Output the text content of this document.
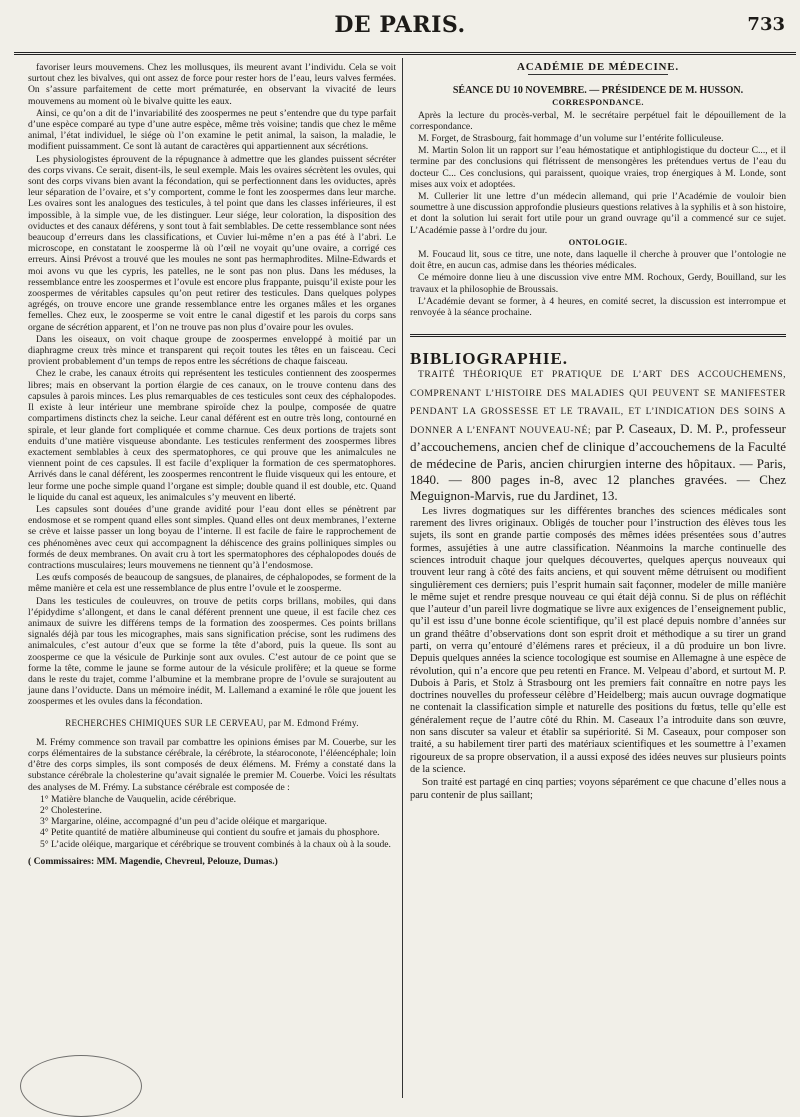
DE PARIS.	733

favoriser leurs mouvemens. Chez les mollusques, ils meurent avant l’individu. Cela se voit surtout chez les bivalves, qui ont assez de force pour rester hors de l’eau, leurs valves fermées. On s’assure parfaitement de cette mort prématurée, en observant la vivacité de leurs mouvemens au moment où le bivalve quitte les eaux.

Ainsi, ce qu’on a dit de l’invariabilité des zoospermes ne peut s’entendre que du type parfait d’une espèce comparé au type d’une autre espèce, même très voisine; tandis que chez le même animal, l’état individuel, le siége où l’on examine le petit animal, la saison, la maladie, le modifient puissamment. Ce sont là autant de caractères qui appartiennent aux sécrétions.

Les physiologistes éprouvent de la répugnance à admettre que les glandes puissent sécréter des corps vivans. Ce serait, disent-ils, le seul exemple. Mais les ovaires sécrètent les ovules, qui sont des corps vivans bien avant la fécondation, qui se perfectionnent dans les oviductes, après leur séparation de l’ovaire, et s’y comportent, comme le font les zoospermes dans leur marche. Les ovaires sont les analogues des testicules, à tel point que dans les classes inférieures, il est impossible, à la simple vue, de les distinguer. Leur siége, leur coloration, la disposition des oviductes et des canaux déférens, y sont tout à fait semblables. De cette ressemblance sont nées beaucoup d’erreurs dans les classifications, et Cuvier lui-même n’en a pas été à l’abri. Le microscope, en constatant le zoosperme là où l’œil ne voyait qu’une ovaire, a corrigé ces erreurs. Ainsi Prévost a trouvé que les moules ne sont pas hermaphrodites. Milne-Edwards et moi avons vu que les cypris, les patelles, ne le sont pas non plus. Dans les méduses, la ressemblance entre les zoospermes et l’ovule est encore plus frappante, puisqu’il existe pour les zoospermes de véritables capsules qu’on peut retirer des testicules. Dans quelques polypes agrégés, on trouve encore une grande ressemblance entre les organes mâles et les organes femelles. Chez eux, le zoosperme se voit entre le canal digestif et les parois du corps sans organe de sécrétion apparent, et l’on ne trouve pas non plus d’ovaire pour les ovules.

Dans les oiseaux, on voit chaque groupe de zoospermes enveloppé à moitié par un diaphragme creux très mince et transparent qui reçoit toutes les têtes en un faisceau. Ceci provient probablement d’un temps de repos entre les sécrétions de chaque faisceau.

Chez le crabe, les canaux étroits qui représentent les testicules contiennent des zoospermes libres; mais en observant la portion élargie de ces canaux, on le trouve contenu dans des capsules à parois minces. Les plus remarquables de ces testicules sont ceux des céphalopodes. Il existe à leur intérieur une membrane spiroïde chez la poulpe, composée de quatre compartimens distincts chez la seiche. Leur canal déférent est en outre très long, contourné en spirale, et leur glande fort compliquée et comme charnue. Ces deux portions de trajets sont enduits d’une matière visqueuse abondante. Les testicules renferment des zoospermes libres exactement semblables à ceux des spermatophores, ce qui prouve que les animalcules ne viennent point de ces capsules. Il est facile d’expliquer la formation de ces spermatophores. Arrivés dans le canal déférent, les zoospermes rencontrent le fluide visqueux qui les entoure, et leur forme une poche simple quand l’organe est simple; double quand il est double, etc. Quand le liquide du canal est aqueux, les animalcules s’y meuvent en liberté.

Les capsules sont douées d’une grande avidité pour l’eau dont elles se pénètrent par endosmose et se rompent quand elles sont simples. Quand elles ont deux membranes, l’externe se crève et laisse passer un long boyau de l’interne. Il est facile de faire le rapprochement de ces phénomènes avec ceux qui accompagnent la déhiscence des grains polliniques simples ou formés de deux membranes. On avait cru à tort les spermatophores des céphalopodes doués de contractions musculaires; leurs mouvemens ne tiennent qu’à l’endosmose.

Les œufs composés de beaucoup de sangsues, de planaires, de céphalopodes, se forment de la même manière et cela est une ressemblance de plus entre l’ovule et le zoosperme.

Dans les testicules de couleuvres, on trouve de petits corps brillans, mobiles, qui dans l’épidydime s’allongent, et dans le canal déférent prennent une queue, il est facile chez ces animaux de suivre les différens temps de la formation des zoospermes. Ces points brillans signalés déjà par tous les micographes, mais sans signification précise, sont les rudimens des animalcules, c’est autour d’eux que se forme la tête d’abord, puis la queue. Ils sont au zoosperme ce que la vésicule de Purkinje sont aux ovules. C’est autour de ce point que se forme la tête, comme le jaune se forme autour de la vésicule prolifère; et la queue se forme dans le reste du trajet, comme l’albumine et la membrane propre de l’ovule se surajoutent au jaune dans l’oviducte. Dans un mémoire inédit, M. Lallemand a examiné le rôle que jouent les zoospermes et les ovules dans la fécondation.

RECHERCHES CHIMIQUES SUR LE CERVEAU, par M. Edmond Frémy.

M. Frémy commence son travail par combattre les opinions émises par M. Couerbe, sur les corps élémentaires de la substance cérébrale, la cérébrote, la stéaroconote, l’éléencéphale; loin d’être des corps simples, ils sont composés de deux élémens. M. Frémy a constaté dans la substance cérébrale la cholesterine qu’avait signalée le premier M. Couerbe. Voici les résultats des analyses de M. Frémy. La substance cérébrale est composée de :

1° Matière blanche de Vauquelin, acide cérébrique.

2° Cholesterine.

3° Margarine, oléine, accompagné d’un peu d’acide oléique et margarique.

4° Petite quantité de matière albumineuse qui contient du soufre et jamais du phosphore.

5° L’acide oléique, margarique et cérébrique se trouvent combinés à la chaux où à la soude.

( Commissaires: MM. Magendie, Chevreul, Pelouze, Dumas.)

ACADÉMIE DE MÉDECINE.

SÉANCE DU 10 NOVEMBRE. — PRÉSIDENCE DE M. HUSSON.

CORRESPONDANCE.

Après la lecture du procès-verbal, M. le secrétaire perpétuel fait le dépouillement de la correspondance.

M. Forget, de Strasbourg, fait hommage d’un volume sur l’entérite folliculeuse.

M. Martin Solon lit un rapport sur l’eau hémostatique et antiphlogistique du docteur C..., et il termine par des conclusions qui flétrissent de mensongères les prétendues vertus de l’eau du docteur C... Ces conclusions, qui paraissent, quoique vraies, trop énergiques à M. Londe, sont mises aux voix et adoptées.

M. Cullerier lit une lettre d’un médecin allemand, qui prie l’Académie de vouloir bien soumettre à une discussion approfondie plusieurs questions relatives à la syphilis et à son histoire, et dont la solution lui serait fort utile pour un grand ouvrage qu’il a commencé sur ce sujet. L’Académie passe à l’ordre du jour.

ONTOLOGIE.

M. Foucaud lit, sous ce titre, une note, dans laquelle il cherche à prouver que l’ontologie ne doit être, en aucun cas, admise dans les théories médicales.

Ce mémoire donne lieu à une discussion vive entre MM. Rochoux, Gerdy, Bouilland, sur les travaux et la philosophie de Broussais.

L’Académie devant se former, à 4 heures, en comité secret, la discussion est interrompue et renvoyée à la séance prochaine.

BIBLIOGRAPHIE.

TRAITÉ THÉORIQUE ET PRATIQUE DE L’ART DES ACCOUCHEMENS, COMPRENANT L’HISTOIRE DES MALADIES QUI PEUVENT SE MANIFESTER PENDANT LA GROSSESSE ET LE TRAVAIL, ET L’INDICATION DES SOINS A DONNER A L’ENFANT NOUVEAU-NÉ; par P. Caseaux, D. M. P., professeur d’accouchemens, ancien chef de clinique d’accouchemens de la Faculté de médecine de Paris, ancien chirurgien interne des hôpitaux. — Paris, 1840. — 800 pages in-8, avec 12 planches gravées. — Chez Meguignon-Marvis, rue du Jardinet, 13.

Les livres dogmatiques sur les différentes branches des sciences médicales sont rarement des livres originaux. Obligés de toucher pour l’instruction des élèves tous les sujets, ils sont en grande partie composés des mêmes idées présentées sous d’autres formes, assujéties à une autre classification. Néanmoins la marche continuelle des sciences introduit chaque jour quelques découvertes, quelques aperçus nouveaux qui trouvent leur rang à côté des faits anciens, et qui souvent même détruisent ou modifient singulièrement ces derniers; puis l’esprit humain sait façonner, modeler de mille manière le même sujet et rendre presque nouveau ce qui était déjà connu. Si de plus on réfléchit que l’auteur d’un pareil livre dogmatique se livre aux exigences de l’enseignement public, qu’il est issu d’une bonne école scientifique, qu’il est placé depuis nombre d’années sur un grand théâtre d’observations dont son esprit droit et méthodique a su tirer un grand parti, on verra qu’entouré d’élémens rares et précieux, il a dû produire un bon livre. Depuis quelques années la science tocologique est soumise en Allemagne à une espèce de révolution, qui n’a encore que peu retenti en France. M. Velpeau d’abord, et surtout M. P. Dubois à Paris, et Stolz à Strasbourg ont les premiers fait connaître en notre pays les doctrines nouvelles du professeur célèbre d’Heidelberg; mais aucun ouvrage dogmatique ne contenait la classification simple et naturelle des positions du fœtus, telle qu’elle est généralement reçue de l’autre côté du Rhin. M. Caseaux l’a introduite dans son œuvre, non sans discuter sa valeur et établir sa supériorité. Si M. Caseaux, pour composer son traité, a su habilement tirer parti des matériaux scientifiques et les soumettre à l’examen rigoureux de sa propre observation, il a aussi exposé des idées neuves sur plusieurs points de la science.

Son traité est partagé en cinq parties; voyons séparément ce que chacune d’elles nous a paru contenir de plus saillant;
